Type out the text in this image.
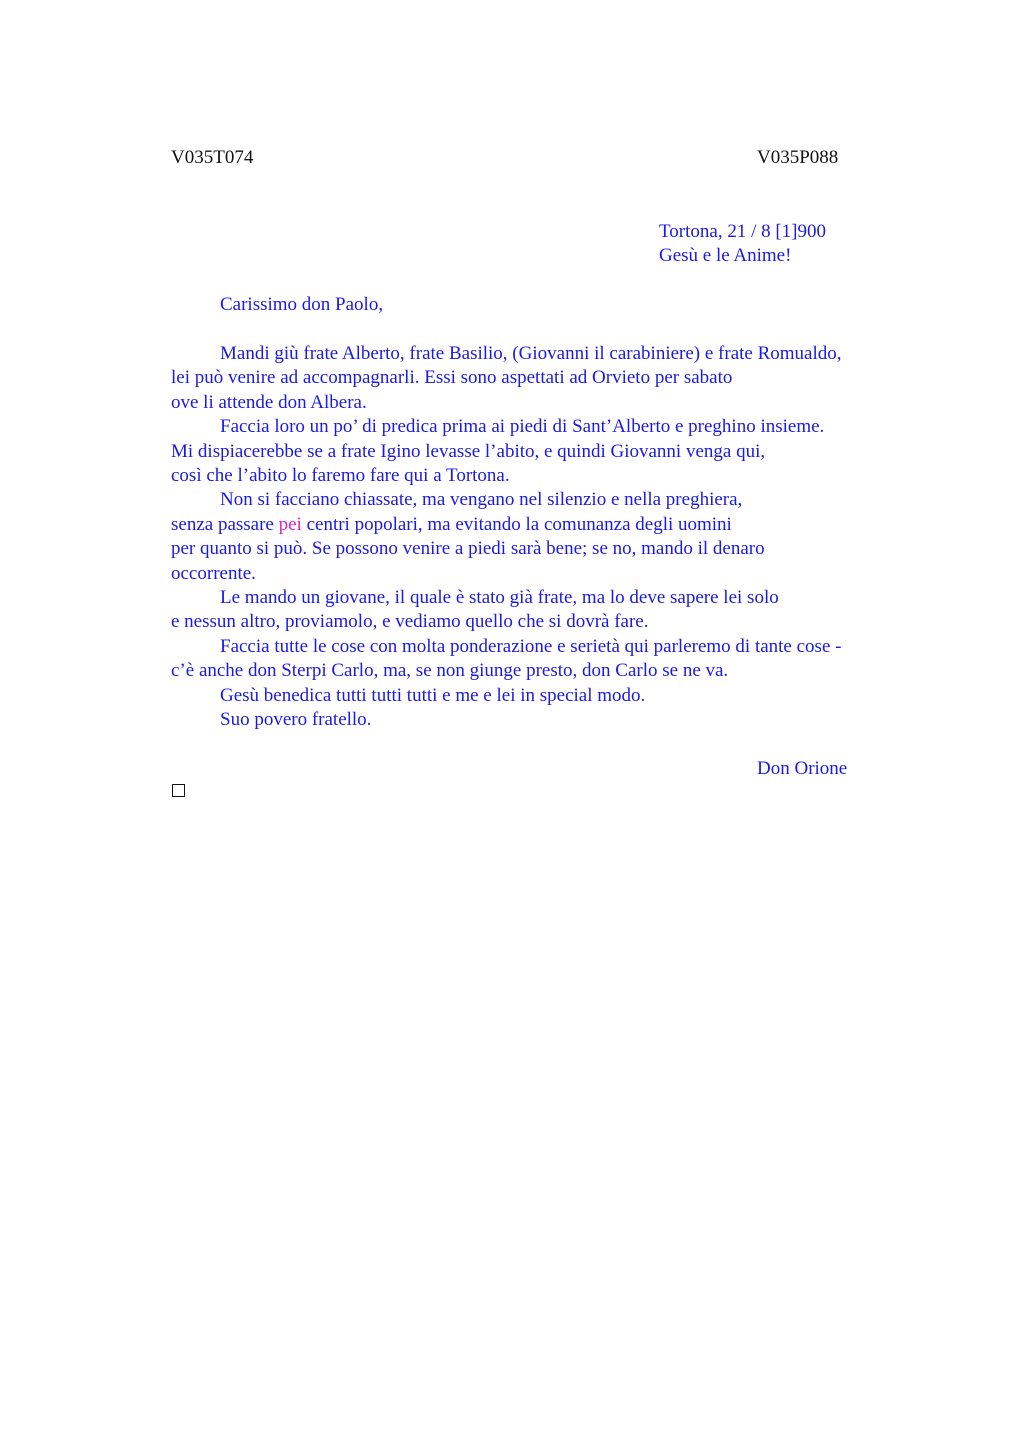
V035T074	V035P088
Tortona, 21 / 8 [1]900
Gesù e le Anime!
Carissimo don Paolo,
Mandi giù frate Alberto, frate Basilio, (Giovanni il carabiniere) e frate Romualdo,
lei può venire ad accompagnarli. Essi sono aspettati ad Orvieto per sabato
ove li attende don Albera.
Faccia loro un po’ di predica prima ai piedi di Sant’Alberto e preghino insieme.
Mi dispiacerebbe se a frate Igino levasse l’abito, e quindi Giovanni venga qui,
così che l’abito lo faremo fare qui a Tortona.
Non si facciano chiassate, ma vengano nel silenzio e nella preghiera,
senza passare pei centri popolari, ma evitando la comunanza degli uomini
per quanto si può. Se possono venire a piedi sarà bene; se no, mando il denaro
occorrente.
Le mando un giovane, il quale è stato già frate, ma lo deve sapere lei solo
e nessun altro, proviamolo, e vediamo quello che si dovrà fare.
Faccia tutte le cose con molta ponderazione e serietà qui parleremo di tante cose -
c’è anche don Sterpi Carlo, ma, se non giunge presto, don Carlo se ne va.
Gesù benedica tutti tutti tutti e me e lei in special modo.
Suo povero fratello.
Don Orione
